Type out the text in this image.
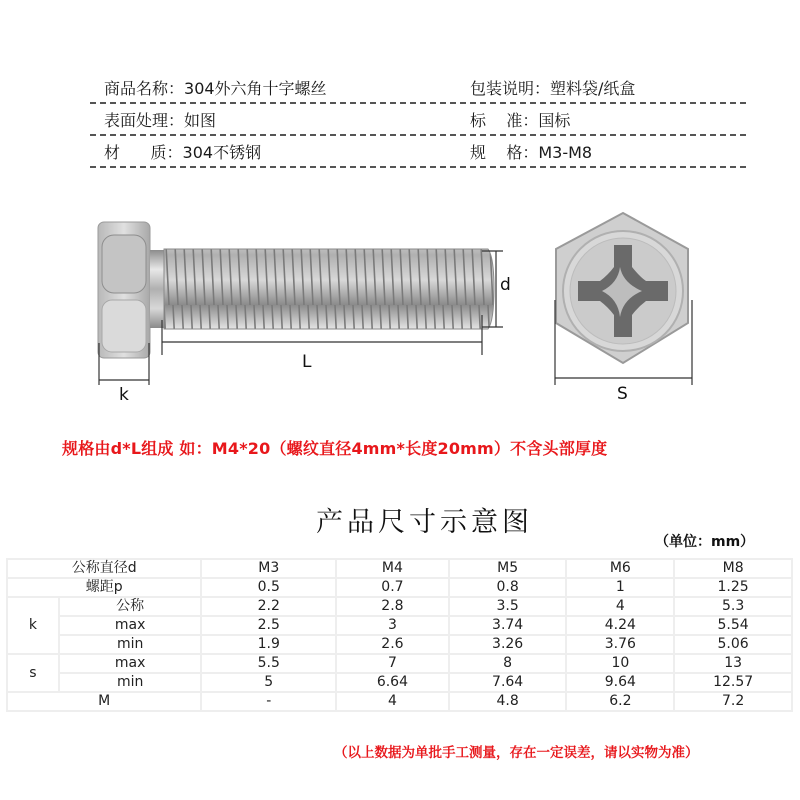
商品名称：304外六角十字螺丝	包装说明：塑料袋/纸盒
表面处理：如图	标    准：国标
材      质：304不锈钢	规    格：M3-M8
d
L
k	S
规格由d*L组成 如：M4*20（螺纹直径4mm*长度20mm）不含头部厚度
产品尺寸示意图
（单位：mm）
公称直径d		M3	M4	M5	M6	M8
螺距p		0.5	0.7	0.8	1	1.25
k	公称	2.2	2.8	3.5	4	5.3
	max	2.5	3	3.74	4.24	5.54
	min	1.9	2.6	3.26	3.76	5.06
s	max	5.5	7	8	10	13
	min	5	6.64	7.64	9.64	12.57
M		-	4	4.8	6.2	7.2
（以上数据为单批手工测量，存在一定误差，请以实物为准）
